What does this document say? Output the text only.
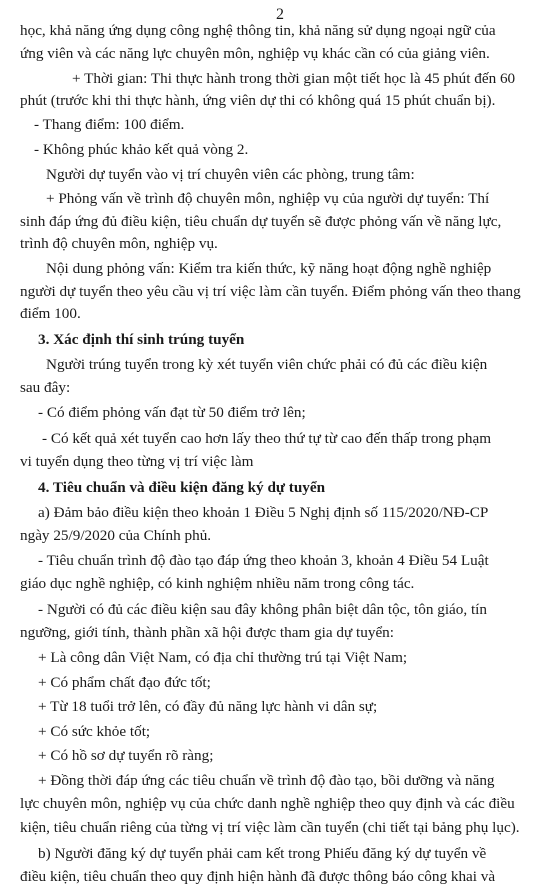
2
học, khả năng ứng dụng công nghệ thông tin, khả năng sử dụng ngoại ngữ của
ứng viên và các năng lực chuyên môn, nghiệp vụ khác cần có của giảng viên.
+ Thời gian: Thi thực hành trong thời gian một tiết học là 45 phút đến 60
phút (trước khi thi thực hành, ứng viên dự thi có không quá 15 phút chuẩn bị).
- Thang điểm: 100 điểm.
- Không phúc khảo kết quả vòng 2.
Người dự tuyển vào vị trí chuyên viên các phòng, trung tâm:
+ Phỏng vấn về trình độ chuyên môn, nghiệp vụ của người dự tuyển: Thí
sinh đáp ứng đủ điều kiện, tiêu chuẩn dự tuyển sẽ được phỏng vấn về năng lực,
trình độ chuyên môn, nghiệp vụ.
Nội dung phỏng vấn: Kiểm tra kiến thức, kỹ năng hoạt động nghề nghiệp
người dự tuyển theo yêu cầu vị trí việc làm cần tuyển. Điểm phỏng vấn theo thang
điểm 100.
3. Xác định thí sinh trúng tuyển
Người trúng tuyển trong kỳ xét tuyển viên chức phải có đủ các điều kiện
sau đây:
- Có điểm phỏng vấn đạt từ 50 điểm trở lên;
- Có kết quả xét tuyển cao hơn lấy theo thứ tự từ cao đến thấp trong phạm
vi tuyển dụng theo từng vị trí việc làm
4. Tiêu chuẩn và điều kiện đăng ký dự tuyển
a) Đảm bảo điều kiện theo khoản 1 Điều 5 Nghị định số 115/2020/NĐ-CP
ngày 25/9/2020 của Chính phủ.
- Tiêu chuẩn trình độ đào tạo đáp ứng theo khoản 3, khoản 4 Điều 54 Luật
giáo dục nghề nghiệp, có kinh nghiệm nhiều năm trong công tác.
- Người có đủ các điều kiện sau đây không phân biệt dân tộc, tôn giáo, tín
ngưỡng, giới tính, thành phần xã hội được tham gia dự tuyển:
+ Là công dân Việt Nam, có địa chỉ thường trú tại Việt Nam;
+ Có phẩm chất đạo đức tốt;
+ Từ 18 tuổi trở lên, có đầy đủ năng lực hành vi dân sự;
+ Có sức khỏe tốt;
+ Có hồ sơ dự tuyển rõ ràng;
+ Đồng thời đáp ứng các tiêu chuẩn về trình độ đào tạo, bồi dưỡng và năng
lực chuyên môn, nghiệp vụ của chức danh nghề nghiệp theo quy định và các điều
kiện, tiêu chuẩn riêng của từng vị trí việc làm cần tuyển (chi tiết tại bảng phụ lục).
b) Người đăng ký dự tuyển phải cam kết trong Phiếu đăng ký dự tuyển về
điều kiện, tiêu chuẩn theo quy định hiện hành đã được thông báo công khai và
